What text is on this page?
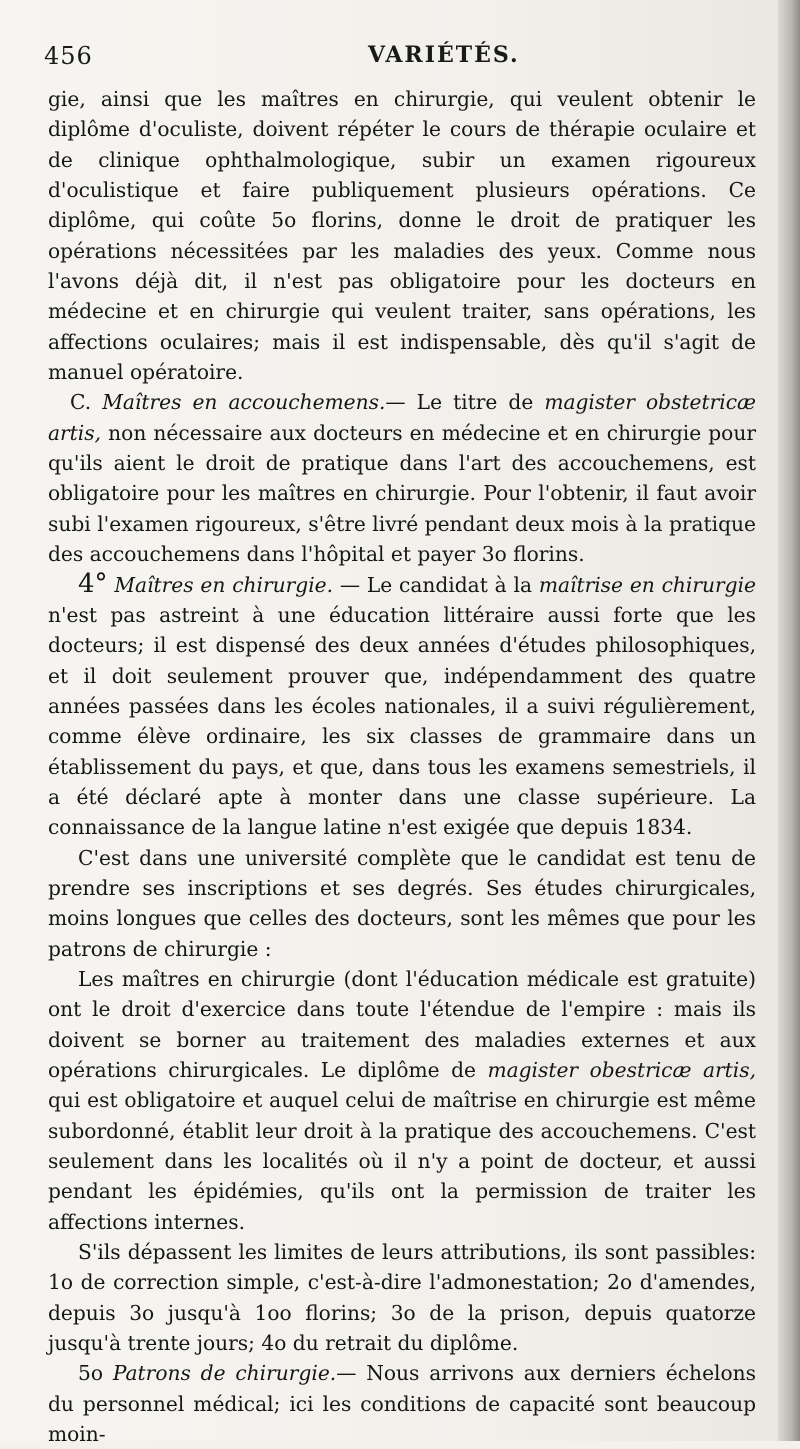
456	VARIÉTÉS.

gie, ainsi que les maîtres en chirurgie, qui veulent obtenir le diplôme d'oculiste, doivent répéter le cours de thérapie oculaire et de clinique ophthalmologique, subir un examen rigoureux d'oculistique et faire publiquement plusieurs opérations. Ce diplôme, qui coûte 5o florins, donne le droit de pratiquer les opérations nécessitées par les maladies des yeux. Comme nous l'avons déjà dit, il n'est pas obligatoire pour les docteurs en médecine et en chirurgie qui veulent traiter, sans opérations, les affections oculaires; mais il est indispensable, dès qu'il s'agit de manuel opératoire.

C. Maîtres en accouchemens.— Le titre de magister obstetricæ artis, non nécessaire aux docteurs en médecine et en chirurgie pour qu'ils aient le droit de pratique dans l'art des accouchemens, est obligatoire pour les maîtres en chirurgie. Pour l'obtenir, il faut avoir subi l'examen rigoureux, s'être livré pendant deux mois à la pratique des accouchemens dans l'hôpital et payer 3o florins.

4° Maîtres en chirurgie. — Le candidat à la maîtrise en chirurgie n'est pas astreint à une éducation littéraire aussi forte que les docteurs; il est dispensé des deux années d'études philosophiques, et il doit seulement prouver que, indépendamment des quatre années passées dans les écoles nationales, il a suivi régulièrement, comme élève ordinaire, les six classes de grammaire dans un établissement du pays, et que, dans tous les examens semestriels, il a été déclaré apte à monter dans une classe supérieure. La connaissance de la langue latine n'est exigée que depuis 1834.

C'est dans une université complète que le candidat est tenu de prendre ses inscriptions et ses degrés. Ses études chirurgicales, moins longues que celles des docteurs, sont les mêmes que pour les patrons de chirurgie :

Les maîtres en chirurgie (dont l'éducation médicale est gratuite) ont le droit d'exercice dans toute l'étendue de l'empire : mais ils doivent se borner au traitement des maladies externes et aux opérations chirurgicales. Le diplôme de magister obestricæ artis, qui est obligatoire et auquel celui de maîtrise en chirurgie est même subordonné, établit leur droit à la pratique des accouchemens. C'est seulement dans les localités où il n'y a point de docteur, et aussi pendant les épidémies, qu'ils ont la permission de traiter les affections internes.

S'ils dépassent les limites de leurs attributions, ils sont passibles: 1o de correction simple, c'est-à-dire l'admonestation; 2o d'amendes, depuis 3o jusqu'à 1oo florins; 3o de la prison, depuis quatorze jusqu'à trente jours; 4o du retrait du diplôme.

5o Patrons de chirurgie.— Nous arrivons aux derniers échelons du personnel médical; ici les conditions de capacité sont beaucoup moin-
